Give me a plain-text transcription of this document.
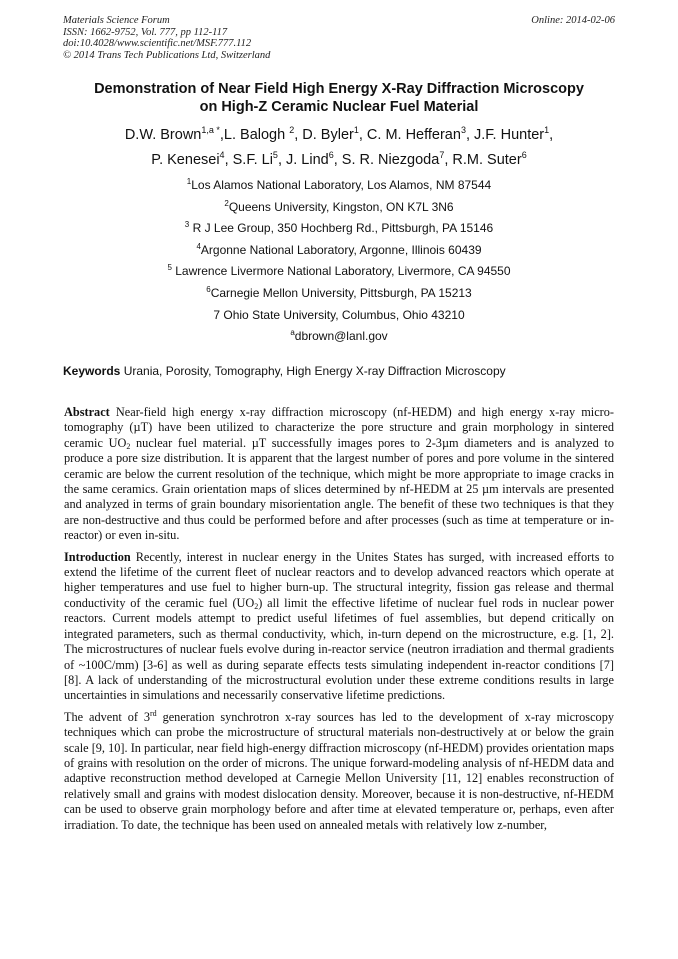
Materials Science Forum
ISSN: 1662-9752, Vol. 777, pp 112-117
doi:10.4028/www.scientific.net/MSF.777.112
© 2014 Trans Tech Publications Ltd, Switzerland
Online: 2014-02-06
Demonstration of Near Field High Energy X-Ray Diffraction Microscopy
on High-Z Ceramic Nuclear Fuel Material
D.W. Brown$^{1,a *}$,L. Balogh $^2$, D. Byler$^1$, C. M. Hefferan$^3$, J.F. Hunter$^1$,
P. Kenesei$^4$, S.F. Li$^5$, J. Lind$^6$, S. R. Niezgoda$^7$, R.M. Suter$^6$
$^1$Los Alamos National Laboratory, Los Alamos, NM 87544
$^2$Queens University, Kingston, ON K7L 3N6
$^3$ R J Lee Group, 350 Hochberg Rd., Pittsburgh, PA 15146
$^4$Argonne National Laboratory, Argonne, Illinois 60439
$^5$ Lawrence Livermore National Laboratory, Livermore, CA 94550
$^6$Carnegie Mellon University, Pittsburgh, PA 15213
7 Ohio State University, Columbus, Ohio 43210
$^a$dbrown@lanl.gov
Keywords Urania, Porosity, Tomography, High Energy X-ray Diffraction Microscopy

Abstract Near-field high energy x-ray diffraction microscopy (nf-HEDM) and high energy x-ray micro-tomography (µT) have been utilized to characterize the pore structure and grain morphology in sintered ceramic $UO_2$ nuclear fuel material. µT successfully images pores to 2-3µm diameters and is analyzed to produce a pore size distribution. It is apparent that the largest number of pores and pore volume in the sintered ceramic are below the current resolution of the technique, which might be more appropriate to image cracks in the same ceramics. Grain orientation maps of slices determined by nf-HEDM at 25 µm intervals are presented and analyzed in terms of grain boundary misorientation angle. The benefit of these two techniques is that they are non-destructive and thus could be performed before and after processes (such as time at temperature or in-reactor) or even in-situ.

Introduction Recently, interest in nuclear energy in the Unites States has surged, with increased efforts to extend the lifetime of the current fleet of nuclear reactors and to develop advanced reactors which operate at higher temperatures and use fuel to higher burn-up. The structural integrity, fission gas release and thermal conductivity of the ceramic fuel $(UO_2)$ all limit the effective lifetime of nuclear fuel rods in nuclear power reactors. Current models attempt to predict useful lifetimes of fuel assemblies, but depend critically on integrated parameters, such as thermal conductivity, which, in-turn depend on the microstructure, e.g. [1, 2]. The microstructures of nuclear fuels evolve during in-reactor service (neutron irradiation and thermal gradients of ~100C/mm) [3-6] as well as during separate effects tests simulating independent in-reactor conditions [7] [8]. A lack of understanding of the microstructural evolution under these extreme conditions results in large uncertainties in simulations and necessarily conservative lifetime predictions.

The advent of 3rd generation synchrotron x-ray sources has led to the development of x-ray microscopy techniques which can probe the microstructure of structural materials non-destructively at or below the grain scale [9, 10]. In particular, near field high-energy diffraction microscopy (nf-HEDM) provides orientation maps of grains with resolution on the order of microns. The unique forward-modeling analysis of nf-HEDM data and adaptive reconstruction method developed at Carnegie Mellon University [11, 12] enables reconstruction of relatively small and grains with modest dislocation density. Moreover, because it is non-destructive, nf-HEDM can be used to observe grain morphology before and after time at elevated temperature or, perhaps, even after irradiation. To date, the technique has been used on annealed metals with relatively low z-number,
